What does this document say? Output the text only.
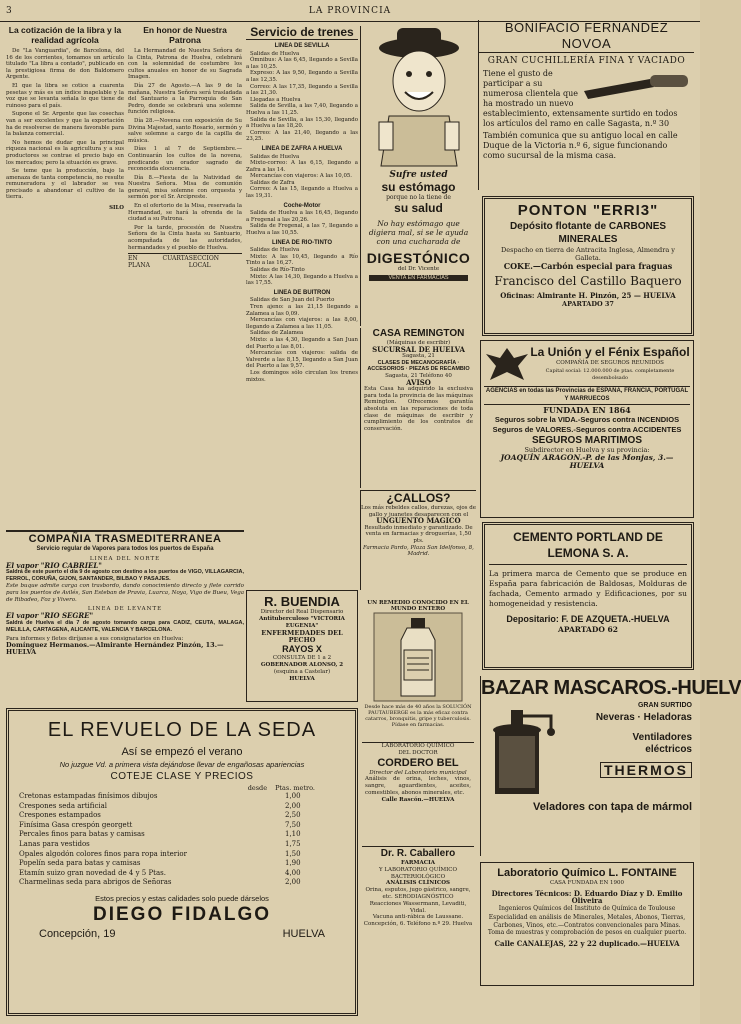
3	LA PROVINCIA
La cotización de la libra y la realidad agrícola

De "La Vanguardia", de Barcelona, del 16 de los corrientes, tomamos un artículo titulado "La libra a contado", publicado en la prestigiosa firma de don Baldomero Argente.

El que la libra se cotice a cuarenta pesetas y más es un índice inapelable y la voz que se levanta señala lo que tiene de ruinoso para el país.

Supone el Sr. Argente que las cosechas van a ser excelentes y que la exportación ha de resolverse de manera favorable para la balanza comercial.

No hemos de dudar que la principal riqueza nacional es la agricultura y a sus productores se contrae el precio bajo en los mercados; pero la situación es grave.

Se teme que la producción, bajo la amenaza de tanta competencia, no resulte remuneradora y el labrador se vea precisado a abandonar el cultivo de la tierra.

SILO
En honor de Nuestra Patrona

La Hermandad de Nuestra Señora de la Cinta, Patrona de Huelva, celebrará con la solemnidad de costumbre los cultos anuales en honor de su Sagrada Imagen.

Día 27 de Agosto.—A las 9 de la mañana, Nuestra Señora será trasladada del Santuario a la Parroquia de San Pedro, donde se celebrará una solemne función religiosa.

Día 28.—Novena con exposición de Su Divina Majestad, santo Rosario, sermón y salve solemne a cargo de la capilla de música.

Días 1 al 7 de Septiembre.—Continuarán los cultos de la novena, predicando un orador sagrado de reconocida elocuencia.

Día 8.—Fiesta de la Natividad de Nuestra Señora. Misa de comunión general, misa solemne con orquesta y sermón por el Sr. Arcipreste.

En el ofertorio de la Misa, reservada la Hermandad, se hará la ofrenda de la ciudad a su Patrona.

Por la tarde, procesión de Nuestra Señora de la Cinta hasta su Santuario, acompañada de las autoridades, hermandades y el pueblo de Huelva.

EN CUARTA PLANA
SECCION LOCAL
Servicio de trenes
LINEA DE SEVILLA
Salidas de Huelva
Ómnibus: A las 6,45, llegando a Sevilla a las 10,25.
Expreso: A las 9,50, llegando a Sevilla a las 12,35.
Correo: A las 17,35, llegando a Sevilla a las 21,30.
Llegadas a Huelva
Salida de Sevilla, a las 7,40, llegando a Huelva a las 11,25.
Salida de Sevilla, a las 15,30, llegando a Huelva a las 18,20.
Correo: A las 21,40, llegando a las 23,25.
LINEA DE ZAFRA A HUELVA
Salidas de Huelva
Mixto-correo: A las 6,15, llegando a Zafra a las 14.
Mercancías con viajeros: A las 10,05.
Salidas de Zafra
Correo: A las 15, llegando a Huelva a las 19,31.
Coche-Motor
Salida de Huelva a las 16,45, llegando a Fregenal a las 20,26.
Salida de Fregenal, a las 7, llegando a Huelva a las 10,55.
LINEA DE RIO-TINTO
Salidas de Huelva
Mixto: A las 10,45, llegando a Río Tinto a las 16,27.
Salidas de Río-Tinto
Mixto: A las 14,30, llegando a Huelva a las 17,55.
LINEA DE BUITRON
Salidas de San Juan del Puerto
Tren ajeno: a las 21,15 llegando a Zalamea a las 0,09.
Mercancías con viajeros: a las 8,00, llegando a Zalamea a las 11,05.
Salidas de Zalamea
Mixto: a las 4,30, llegando a San Juan del Puerto a las 8,01.
Mercancías con viajeros: salida de Valverde a las 8,15, llegando a San Juan del Puerto a las 9,57.
Los domingos sólo circulan los trenes mixtos.
Sufre usted
su estómago
porque no la tiene de
su salud
No hay estómago que digiera mal, si se le ayuda con una cucharada de
DIGESTÓNICO
del Dr. Vicente
VENTA EN FARMACIAS
CASA REMINGTON
(Máquinas de escribir)
SUCURSAL DE HUELVA
Sagasta, 21
CLASES DE MECANOGRAFÍA · ACCESORIOS · PIEZAS DE RECAMBIO
Sagasta, 21 Teléfono 40
AVISO
Esta Casa ha adquirido la exclusiva para toda la provincia de las máquinas Remington. Ofrecemos garantía absoluta en las reparaciones de toda clase de máquinas de escribir y cumplimiento de los contratos de conservación.
¿CALLOS?
Los más rebeldes callos, durezas, ojos de gallo y juanetes desaparecen con el
UNGUENTO MAGICO
Resultado inmediato y garantizado. De venta en farmacias y droguerías, 1,50 pts.
Farmacia Pardo, Plaza San Idelfonso, 8, Madrid.
R. BUENDIA
Director del Real Dispensario
Antituberculoso "VICTORIA EUGENIA"
ENFERMEDADES DEL PECHO
RAYOS X
CONSULTA DE 1 a 2
GOBERNADOR ALONSO, 2
(esquina a Castelar)
HUELVA
UN REMEDIO CONOCIDO EN EL MUNDO ENTERO
Desde hace más de 40 años la SOLUCIÓN PAUTAUBERGE es la más eficaz contra catarros, bronquitis, gripe y tuberculosis. Pídase en farmacias.
LABORATORIO QUÍMICO
DEL DOCTOR
CORDERO BEL
Director del Laboratorio municipal
Análisis de orina, leches, vinos, sangre, aguardientes, aceites, comestibles, abonos minerales, etc.
Calle Rascón.—HUELVA
Dr. R. Caballero
FARMACIA
Y LABORATORIO QUÍMICO BACTERIOLÓGICO
ANÁLISIS CLÍNICOS
Orina, esputos, jugo gástrico, sangre, etc. SERODIAGNÓSTICO
Reacciones Wassermann, Levaditi, Vidal.
Vacuna anti-rábica de Laussane. Concepción, 6. Teléfono n.º 29. Huelva
BONIFACIO FERNANDEZ NOVOA
GRAN CUCHILLERÍA FINA Y VACIADO
Tiene el gusto de participar a su numerosa clientela que ha mostrado un nuevo establecimiento, extensamente surtido en todos los artículos del ramo en calle Sagasta, n.º 30
También comunica que su antiguo local en calle Duque de la Victoria n.º 6, sigue funcionando como sucursal de la misma casa.
PONTON "ERRI3"
Depósito flotante de CARBONES MINERALES
Despacho en tierra de Antracita Inglesa, Almendra y Galleta.
COKE.—Carbón especial para fraguas
Francisco del Castillo Baquero
Oficinas: Almirante H. Pinzón, 25 — HUELVA
APARTADO 37
La Unión y el Fénix Español
COMPAÑÍA DE SEGUROS REUNIDOS
Capital social: 12.000.000 de ptas. completamente desembolsado
AGENCIAS en todas las Provincias de ESPAÑA, FRANCIA, PORTUGAL Y MARRUECOS
FUNDADA EN 1864
Seguros sobre la VIDA.-Seguros contra INCENDIOS
Seguros de VALORES.-Seguros contra ACCIDENTES
SEGUROS MARITIMOS
Subdirector en Huelva y su provincia:
JOAQUÍN ARAGON.-P. de las Monjas, 3.—HUELVA
CEMENTO PORTLAND DE LEMONA S. A.
La primera marca de Cemento que se produce en España para fabricación de Baldosas, Molduras de fachada, Cemento armado y Edificaciones, por su homogeneidad y resistencia.
Depositario: F. DE AZQUETA.-HUELVA
APARTADO 62
BAZAR MASCAROS.-HUELV
GRAN SURTIDO
Neveras · Heladoras
Ventiladores
eléctricos
THERMOS
Veladores con tapa de mármol
Laboratorio Químico L. FONTAINE
CASA FUNDADA EN 1900
Directores Técnicos: D. Eduardo Díaz y D. Emilio Oliveira
Ingenieros Químicos del Instituto de Química de Toulouse
Especialidad en análisis de Minerales, Metales, Abonos, Tierras, Carbones, Vinos, etc.—Contratos convencionales para Minas.
Toma de muestras y comprobación de pesos en cualquier puerto.
Calle CANALEJAS, 22 y 22 duplicado.—HUELVA
COMPAÑIA TRASMEDITERRANEA
Servicio regular de Vapores para todos los puertos de España
LINEA DEL NORTE
El vapor "RIO CABRIEL"
Saldrá de este puerto el día 9 de agosto con destino a los puertos de VIGO, VILLAGARCIA, FERROL, CORUÑA, GIJON, SANTANDER, BILBAO Y PASAJES.
Este buque admite carga con trasbordo, dando conocimiento directo y flete corrido para los puertos de Avilés, San Esteban de Pravia, Luarca, Noya, Vigo de Bueu, Vega de Ribadeo, Foz y Vivero.
LINEA DE LEVANTE
El vapor "RIO SEGRE"
Saldrá de Huelva el día 7 de agosto tomando carga para CADIZ, CEUTA, MALAGA, MELILLA, CARTAGENA, ALICANTE, VALENCIA Y BARCELONA.
Para informes y fletes diríjanse a sus consignatarios en Huelva:
Domínguez Hermanos.—Almirante Hernández Pinzón, 13.—HUELVA
EL REVUELO DE LA SEDA
Así se empezó el verano
No juzgue Vd. a primera vista dejándose llevar de engañosas apariencias
COTEJE CLASE Y PRECIOS
desde Ptas. metro.
Cretonas estampadas finísimos dibujos	1,00
Crespones seda artificial	2,00
Crespones estampados	2,50
Finísima Gasa crespón georgett	7,50
Percales finos para batas y camisas	1,10
Lanas para vestidos	1,75
Opales algodón colores finos para ropa interior	1,50
Popelín seda para batas y camisas	1,90
Etamín suizo gran novedad de 4 y 5 Ptas.	4,00
Charmelinas seda para abrigos de Señoras	2,00
Estos precios y estas calidades solo puede dárselos
DIEGO FIDALGO
Concepción, 19	HUELVA
